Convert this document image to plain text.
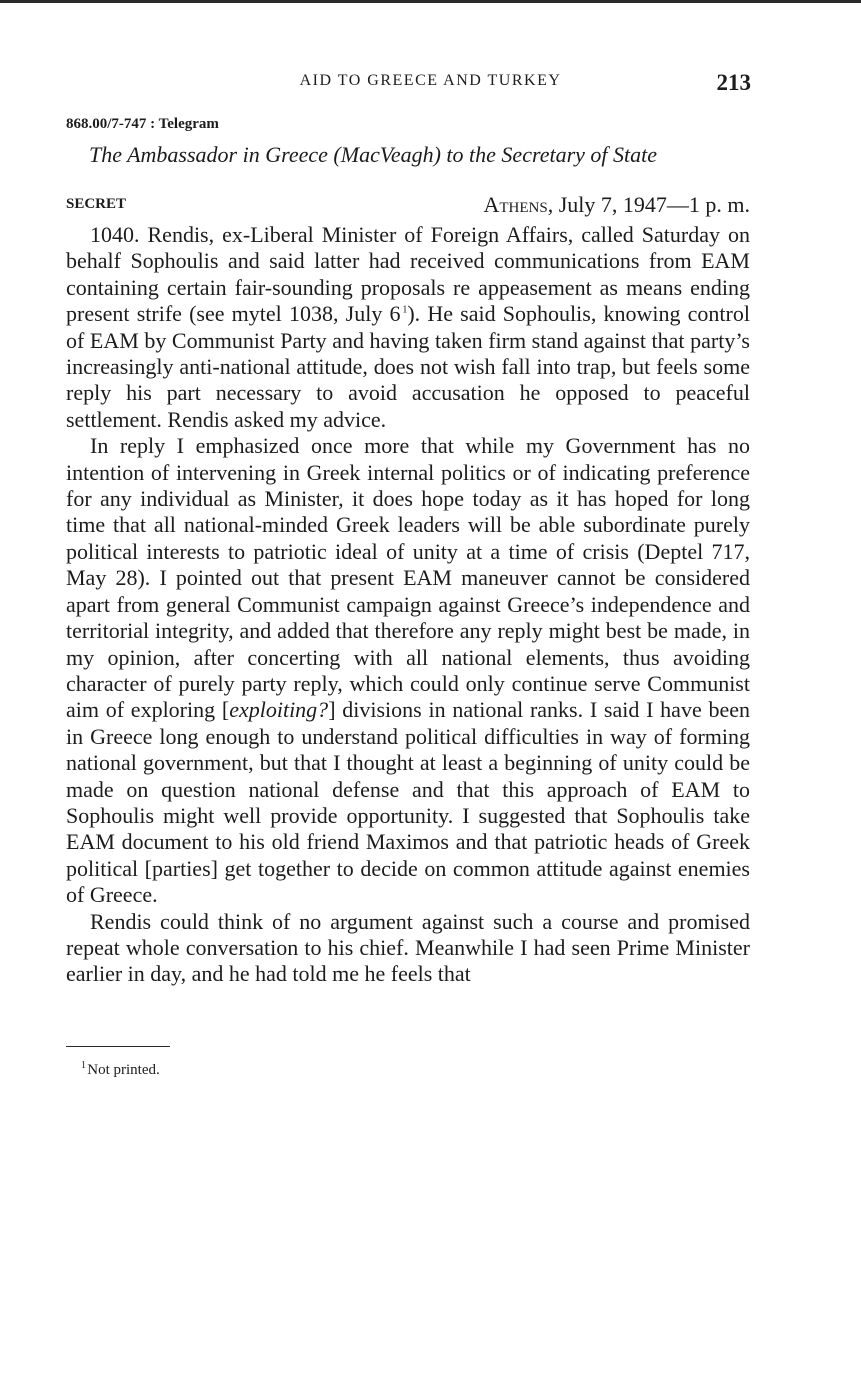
AID TO GREECE AND TURKEY	213
868.00/7-747 : Telegram
The Ambassador in Greece (MacVeagh) to the Secretary of State
SECRET	Athens, July 7, 1947—1 p. m.

1040. Rendis, ex-Liberal Minister of Foreign Affairs, called Saturday on behalf Sophoulis and said latter had received communications from EAM containing certain fair-sounding proposals re appeasement as means ending present strife (see mytel 1038, July 6  $^1$). He said Sophoulis, knowing control of EAM by Communist Party and having taken firm stand against that party’s increasingly anti-national attitude, does not wish fall into trap, but feels some reply his part necessary to avoid accusation he opposed to peaceful settlement. Rendis asked my advice.

In reply I emphasized once more that while my Government has no intention of intervening in Greek internal politics or of indicating preference for any individual as Minister, it does hope today as it has hoped for long time that all national-minded Greek leaders will be able subordinate purely political interests to patriotic ideal of unity at a time of crisis (Deptel 717, May 28). I pointed out that present EAM maneuver cannot be considered apart from general Communist campaign against Greece’s independence and territorial integrity, and added that therefore any reply might best be made, in my opinion, after concerting with all national elements, thus avoiding character of purely party reply, which could only continue serve Communist aim of exploring [exploiting?] divisions in national ranks. I said I have been in Greece long enough to understand political difficulties in way of forming national government, but that I thought at least a beginning of unity could be made on question national defense and that this approach of EAM to Sophoulis might well provide opportunity. I suggested that Sophoulis take EAM document to his old friend Maximos and that patriotic heads of Greek political [parties] get together to decide on common attitude against enemies of Greece.

Rendis could think of no argument against such a course and promised repeat whole conversation to his chief. Meanwhile I had seen Prime Minister earlier in day, and he had told me he feels that

$^1$ Not printed.
